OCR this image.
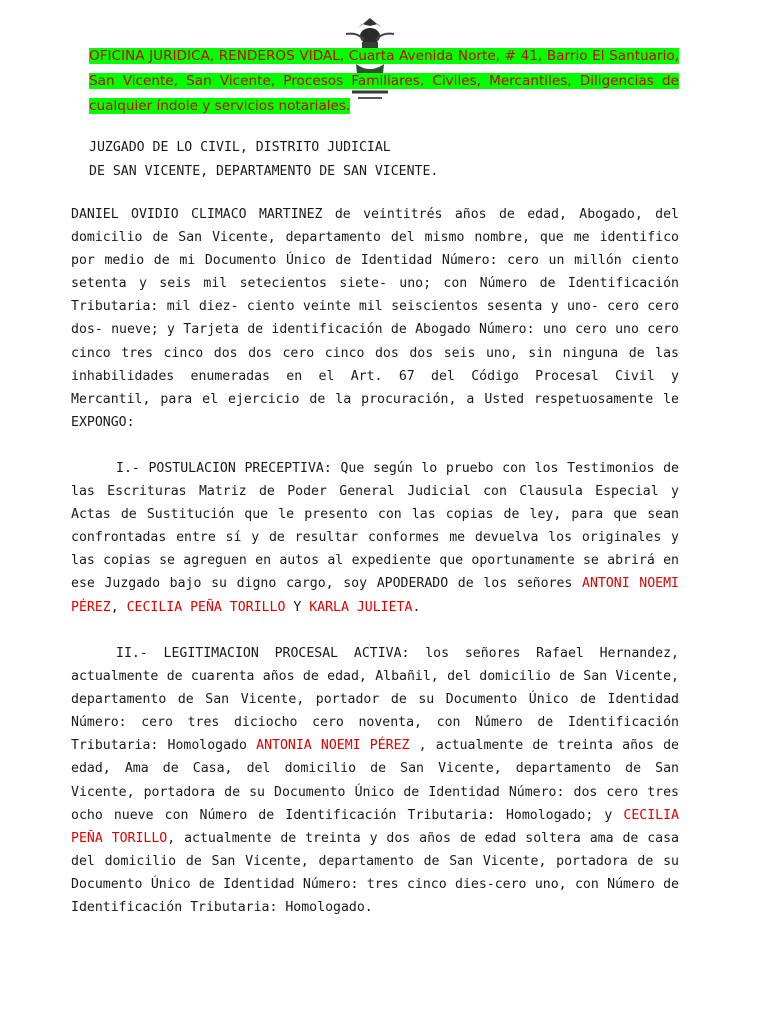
OFICINA JURIDICA, RENDEROS VIDAL, Cuarta Avenida Norte, # 41, Barrio El Santuario, San Vicente, San Vicente, Procesos Familiares, Civiles, Mercantiles, Diligencias de cualquier índole y servicios notariales.
JUZGADO DE LO CIVIL, DISTRITO JUDICIAL
DE SAN VICENTE, DEPARTAMENTO DE SAN VICENTE.
DANIEL OVIDIO CLIMACO MARTINEZ de veintitrés años de edad, Abogado, del domicilio de San Vicente, departamento del mismo nombre, que me identifico por medio de mi Documento Único de Identidad Número: cero un millón ciento setenta y seis mil setecientos siete- uno; con Número de Identificación Tributaria: mil diez- ciento veinte mil seiscientos sesenta y uno- cero cero dos- nueve; y Tarjeta de identificación de Abogado Número: uno cero uno cero cinco tres cinco dos dos cero cinco dos dos seis uno, sin ninguna de las inhabilidades enumeradas en el Art. 67 del Código Procesal Civil y Mercantil, para el ejercicio de la procuración, a Usted respetuosamente le EXPONGO:
I.- POSTULACION PRECEPTIVA: Que según lo pruebo con los Testimonios de las Escrituras Matriz de Poder General Judicial con Clausula Especial y Actas de Sustitución que le presento con las copias de ley, para que sean confrontadas entre sí y de resultar conformes me devuelva los originales y las copias se agreguen en autos al expediente que oportunamente se abrirá en ese Juzgado bajo su digno cargo, soy APODERADO de los señores ANTONI NOEMI PÉREZ, CECILIA PEÑA TORILLO Y KARLA JULIETA.
II.- LEGITIMACION PROCESAL ACTIVA: los señores Rafael Hernandez, actualmente de cuarenta años de edad, Albañil, del domicilio de San Vicente, departamento de San Vicente, portador de su Documento Único de Identidad Número: cero tres diciocho cero noventa, con Número de Identificación Tributaria: Homologado ANTONIA NOEMI PÉREZ , actualmente de treinta años de edad, Ama de Casa, del domicilio de San Vicente, departamento de San Vicente, portadora de su Documento Único de Identidad Número: dos cero tres ocho nueve con Número de Identificación Tributaria: Homologado; y CECILIA PEÑA TORILLO, actualmente de treinta y dos años de edad soltera ama de casa del domicilio de San Vicente, departamento de San Vicente, portadora de su Documento Único de Identidad Número: tres cinco dies-cero uno, con Número de Identificación Tributaria: Homologado.
